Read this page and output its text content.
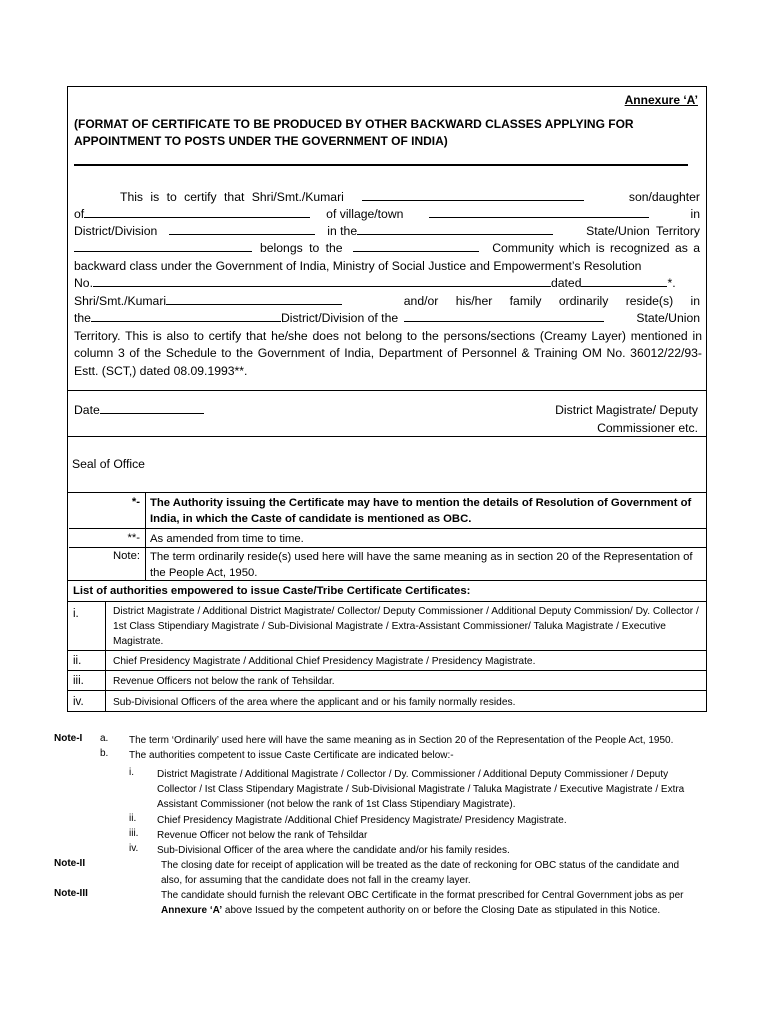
Annexure ‘A’
(FORMAT OF CERTIFICATE TO BE PRODUCED BY OTHER BACKWARD CLASSES APPLYING FOR APPOINTMENT TO POSTS UNDER THE GOVERNMENT OF INDIA)
This is to certify that Shri/Smt./Kumari	son/daughter
of	of village/town	in
District/Division	in the	State/Union Territory
belongs to the	Community which is recognized as a
backward class under the Government of India, Ministry of Social Justice and Empowerment’s Resolution
No.	dated	*.
Shri/Smt./Kumari	and/or his/her family ordinarily reside(s) in
the	District/Division of the	State/Union
Territory. This is also to certify that he/she does not belong to the persons/sections (Creamy Layer) mentioned in column 3 of the Schedule to the Government of India, Department of Personnel & Training OM No. 36012/22/93-Estt. (SCT,) dated 08.09.1993**.
Date	District Magistrate/ Deputy
Commissioner etc.
Seal of Office
*- The Authority issuing the Certificate may have to mention the details of Resolution of Government of India, in which the Caste of candidate is mentioned as OBC.
**- As amended from time to time.
Note: The term ordinarily reside(s) used here will have the same meaning as in section 20 of the Representation of the People Act, 1950.
List of authorities empowered to issue Caste/Tribe Certificate Certificates:
i.	District Magistrate / Additional District Magistrate/ Collector/ Deputy Commissioner / Additional Deputy Commission/ Dy. Collector / 1st Class Stipendiary Magistrate / Sub-Divisional Magistrate / Extra-Assistant Commissioner/ Taluka Magistrate / Executive Magistrate.
ii.	Chief Presidency Magistrate / Additional Chief Presidency Magistrate / Presidency Magistrate.
iii.	Revenue Officers not below the rank of Tehsildar.
iv.	Sub-Divisional Officers of the area where the applicant and or his family normally resides.
Note-I a. The term ‘Ordinarily’ used here will have the same meaning as in Section 20 of the Representation of the People Act, 1950.
b. The authorities competent to issue Caste Certificate are indicated below:-
i. District Magistrate / Additional Magistrate / Collector / Dy. Commissioner / Additional Deputy Commissioner / Deputy Collector / Ist Class Stipendary Magistrate / Sub-Divisional Magistrate / Taluka Magistrate / Executive Magistrate / Extra Assistant Commissioner (not below the rank of 1st Class Stipendiary Magistrate).
ii. Chief Presidency Magistrate /Additional Chief Presidency Magistrate/ Presidency Magistrate.
iii. Revenue Officer not below the rank of Tehsildar
iv. Sub-Divisional Officer of the area where the candidate and/or his family resides.
Note-II	The closing date for receipt of application will be treated as the date of reckoning for OBC status of the candidate and also, for assuming that the candidate does not fall in the creamy layer.
Note-III	The candidate should furnish the relevant OBC Certificate in the format prescribed for Central Government jobs as per Annexure ‘A’ above Issued by the competent authority on or before the Closing Date as stipulated in this Notice.
